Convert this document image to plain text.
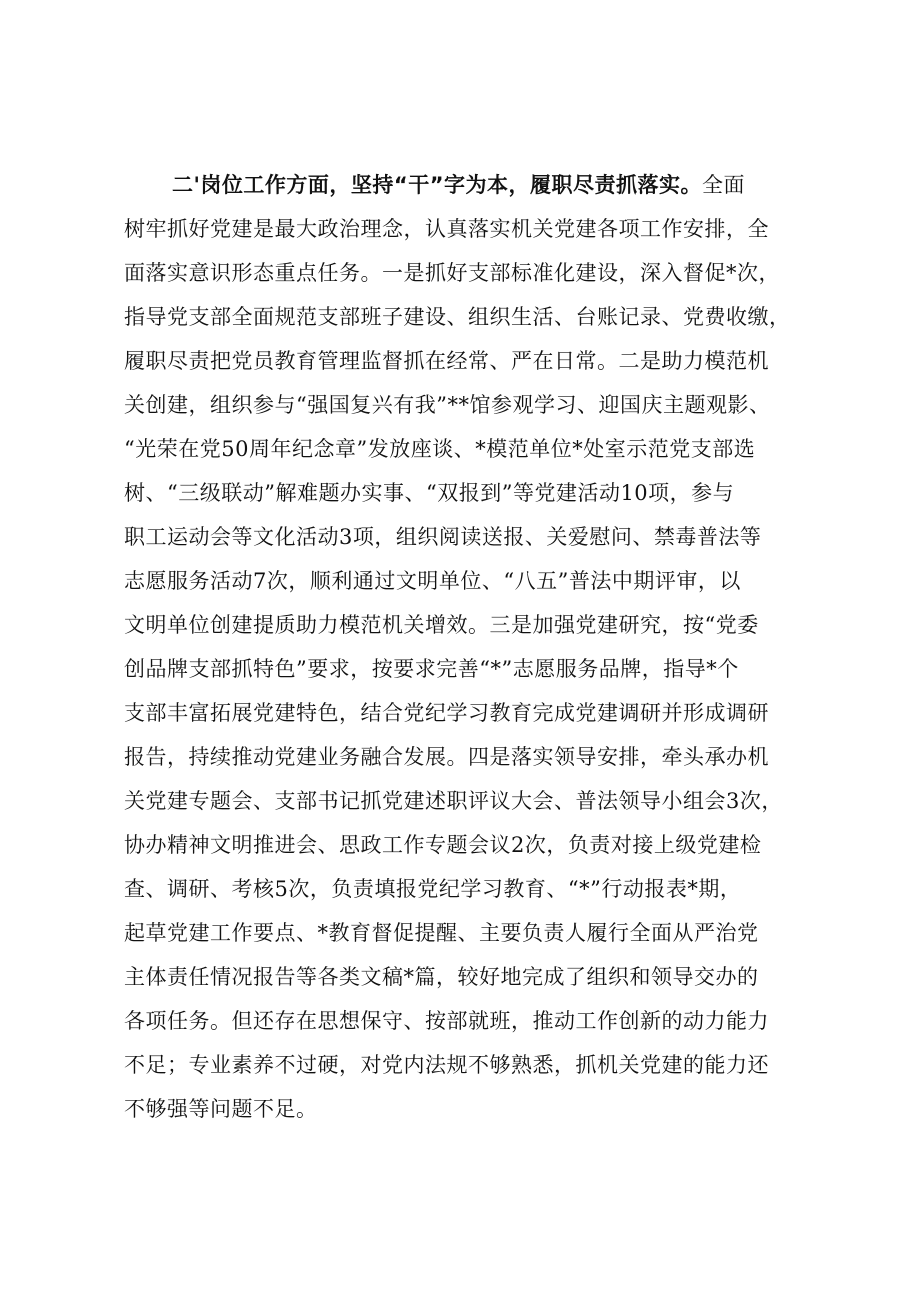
二'岗位工作方面，坚持“干”字为本，履职尽责抓落实。全面
树牢抓好党建是最大政治理念，认真落实机关党建各项工作安排，全
面落实意识形态重点任务。一是抓好支部标准化建设，深入督促*次，
指导党支部全面规范支部班子建设、组织生活、台账记录、党费收缴，
履职尽责把党员教育管理监督抓在经常、严在日常。二是助力模范机
关创建，组织参与“强国复兴有我”**馆参观学习、迎国庆主题观影、
“光荣在党50周年纪念章”发放座谈、*模范单位*处室示范党支部选
树、“三级联动”解难题办实事、“双报到”等党建活动10项，参与
职工运动会等文化活动3项，组织阅读送报、关爱慰问、禁毒普法等
志愿服务活动7次，顺利通过文明单位、“八五”普法中期评审，以
文明单位创建提质助力模范机关增效。三是加强党建研究，按“党委
创品牌支部抓特色”要求，按要求完善“*”志愿服务品牌，指导*个
支部丰富拓展党建特色，结合党纪学习教育完成党建调研并形成调研
报告，持续推动党建业务融合发展。四是落实领导安排，牵头承办机
关党建专题会、支部书记抓党建述职评议大会、普法领导小组会3次，
协办精神文明推进会、思政工作专题会议2次，负责对接上级党建检
查、调研、考核5次，负责填报党纪学习教育、“*”行动报表*期，
起草党建工作要点、*教育督促提醒、主要负责人履行全面从严治党
主体责任情况报告等各类文稿*篇，较好地完成了组织和领导交办的
各项任务。但还存在思想保守、按部就班，推动工作创新的动力能力
不足；专业素养不过硬，对党内法规不够熟悉，抓机关党建的能力还
不够强等问题不足。
